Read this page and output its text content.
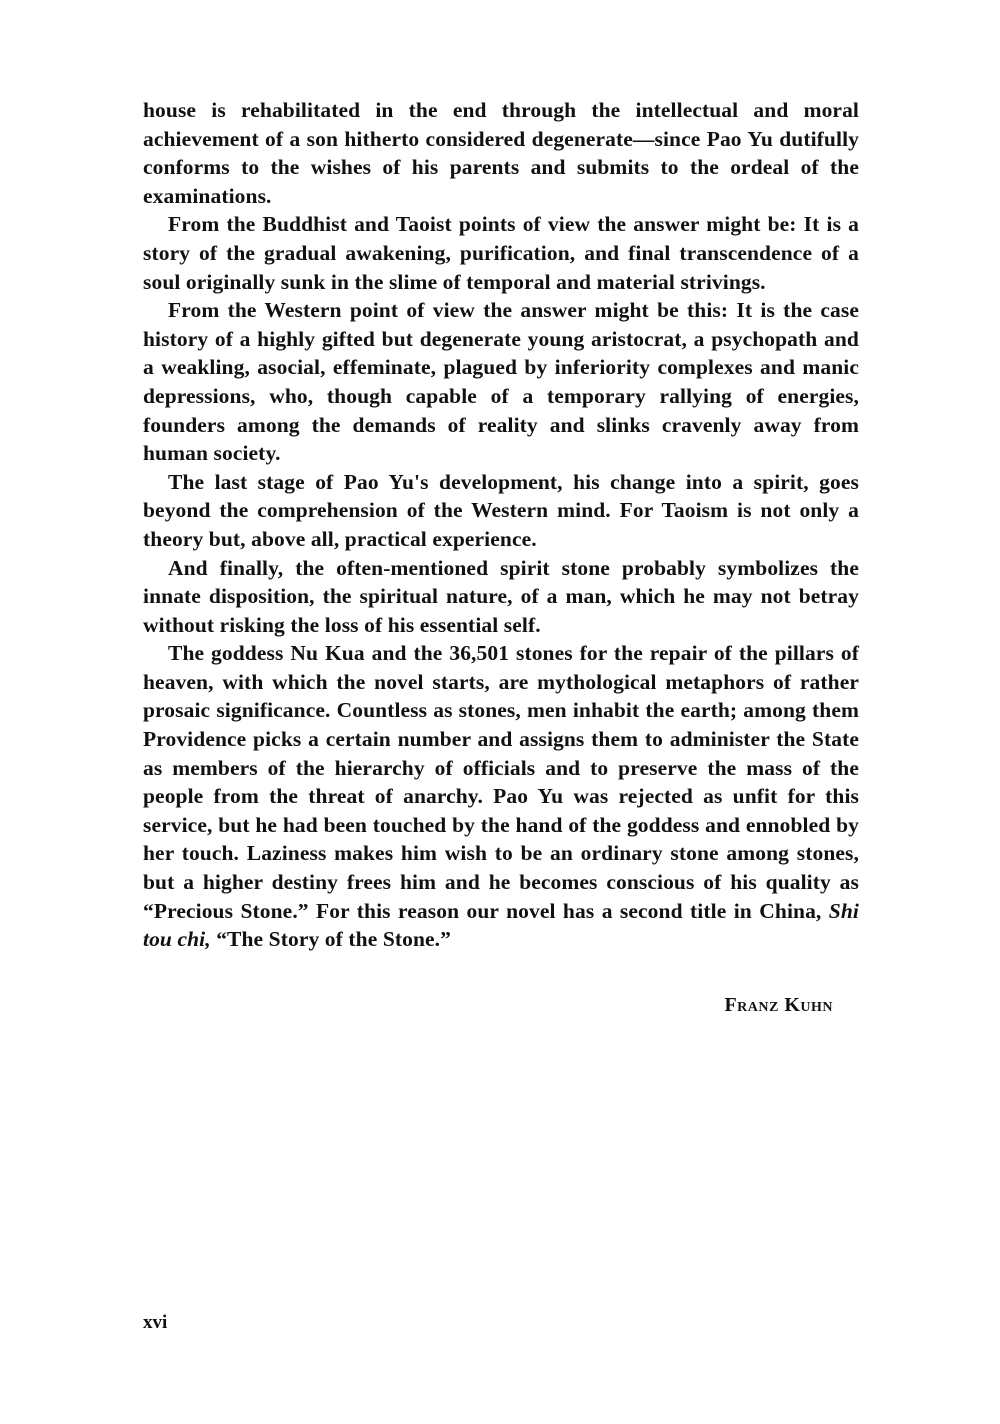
house is rehabilitated in the end through the intellectual and moral achievement of a son hitherto considered degenerate—since Pao Yu dutifully conforms to the wishes of his parents and submits to the ordeal of the examinations.

From the Buddhist and Taoist points of view the answer might be: It is a story of the gradual awakening, purification, and final transcendence of a soul originally sunk in the slime of temporal and material strivings.

From the Western point of view the answer might be this: It is the case history of a highly gifted but degenerate young aristocrat, a psychopath and a weakling, asocial, effeminate, plagued by inferiority complexes and manic depressions, who, though capable of a temporary rallying of energies, founders among the demands of reality and slinks cravenly away from human society.

The last stage of Pao Yu's development, his change into a spirit, goes beyond the comprehension of the Western mind. For Taoism is not only a theory but, above all, practical experience.

And finally, the often-mentioned spirit stone probably symbolizes the innate disposition, the spiritual nature, of a man, which he may not betray without risking the loss of his essential self.

The goddess Nu Kua and the 36,501 stones for the repair of the pillars of heaven, with which the novel starts, are mythological metaphors of rather prosaic significance. Countless as stones, men inhabit the earth; among them Providence picks a certain number and assigns them to administer the State as members of the hierarchy of officials and to preserve the mass of the people from the threat of anarchy. Pao Yu was rejected as unfit for this service, but he had been touched by the hand of the goddess and ennobled by her touch. Laziness makes him wish to be an ordinary stone among stones, but a higher destiny frees him and he becomes conscious of his quality as “Precious Stone.” For this reason our novel has a second title in China, Shi tou chi, “The Story of the Stone.”

Franz Kuhn
xvi
